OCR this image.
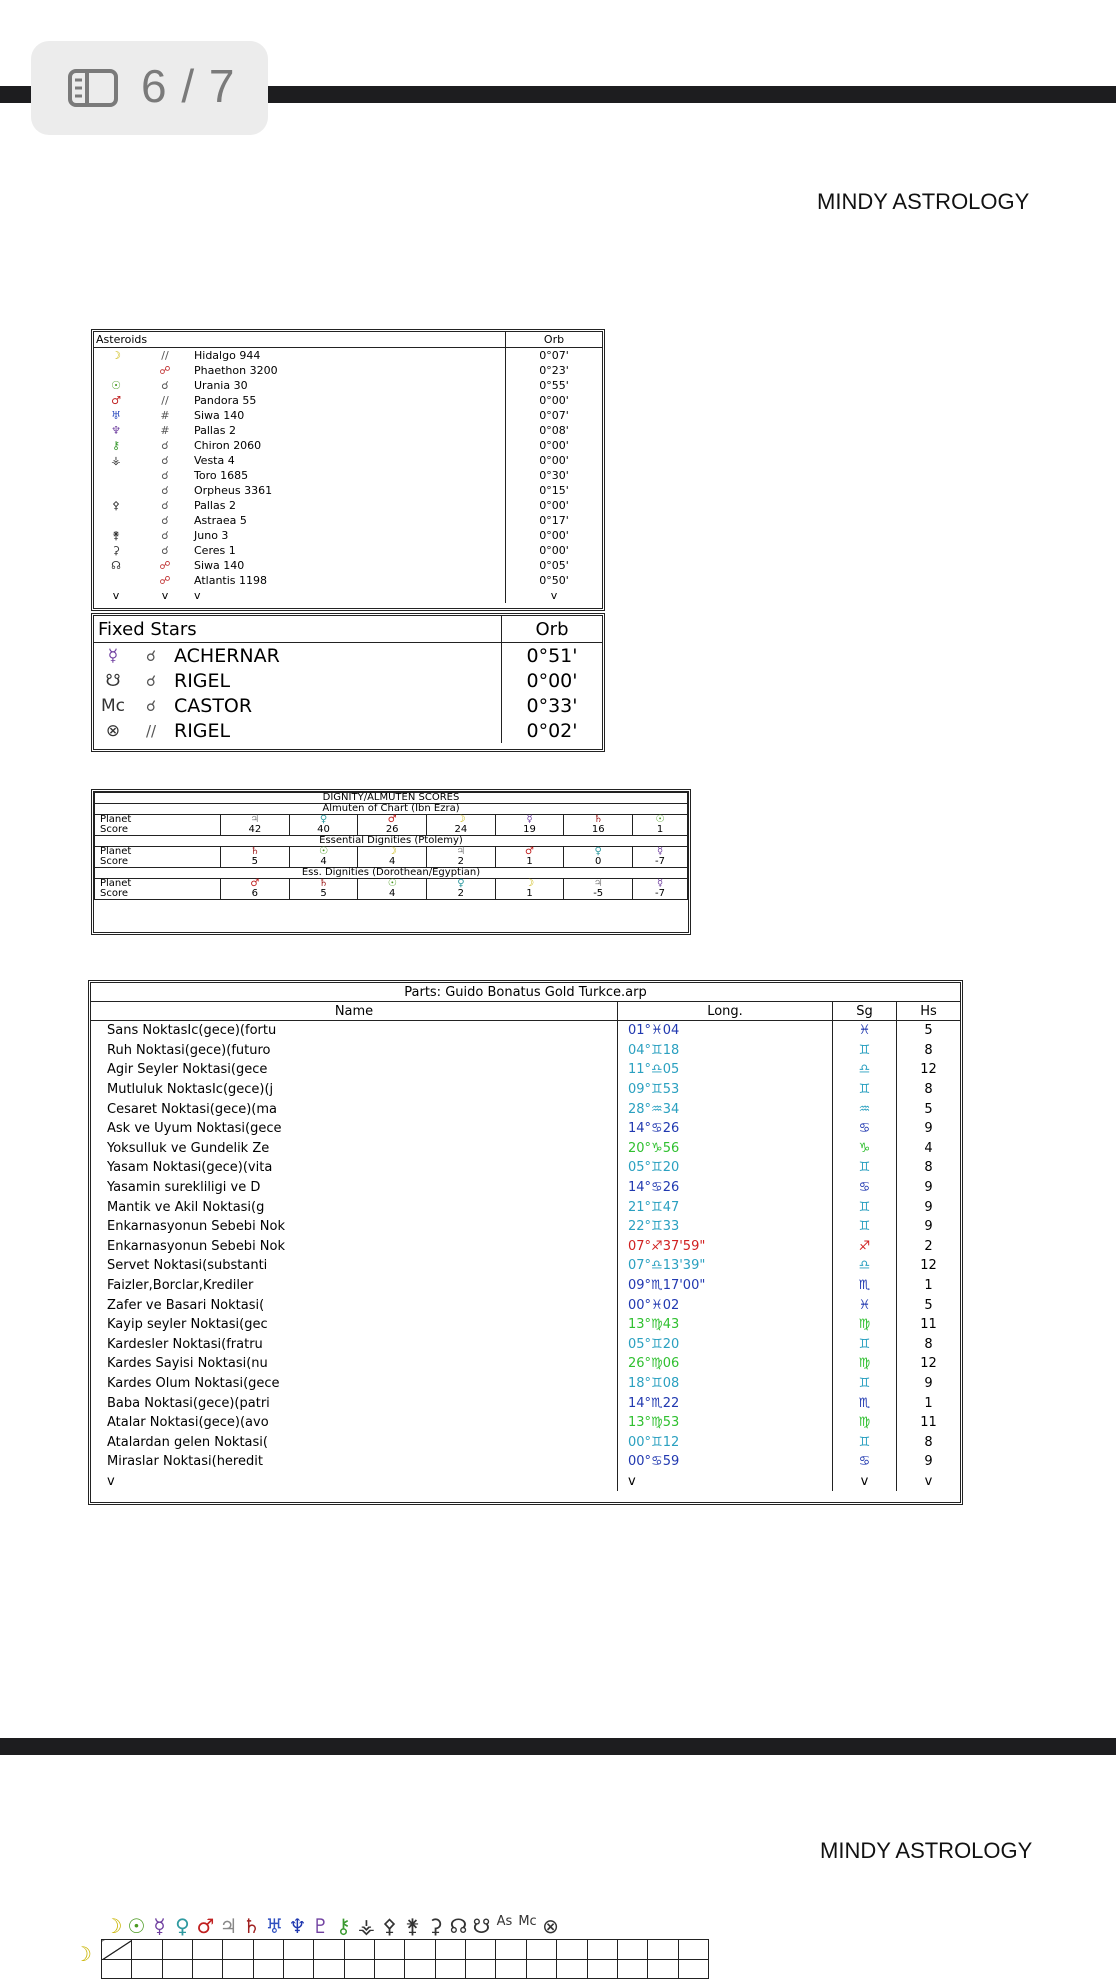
6 / 7
MINDY ASTROLOGY
Asteroids			Orb
☽	//	Hidalgo 944	0°07'
	☍	Phaethon 3200	0°23'
☉	☌	Urania 30	0°55'
♂	//	Pandora 55	0°00'
♅	#	Siwa 140	0°07'
♆	#	Pallas 2	0°08'
⚷	☌	Chiron 2060	0°00'
⚶	☌	Vesta 4	0°00'
	☌	Toro 1685	0°30'
	☌	Orpheus 3361	0°15'
⚴	☌	Pallas 2	0°00'
	☌	Astraea 5	0°17'
⚵	☌	Juno 3	0°00'
⚳	☌	Ceres 1	0°00'
☊	☍	Siwa 140	0°05'
	☍	Atlantis 1198	0°50'
v	v	v	v
Fixed Stars			Orb
☿	☌	ACHERNAR	0°51'
☋	☌	RIGEL	0°00'
Mc	☌	CASTOR	0°33'
⊗	//	RIGEL	0°02'
DIGNITY/ALMUTEN SCORES							
Almuten of Chart (Ibn Ezra)							
Planet	♃	♀	♂	☽	☿	♄	☉
Score	42	40	26	24	19	16	1
Essential Dignities (Ptolemy)							
Planet	♄	☉	☽	♃	♂	♀	☿
Score	5	4	4	2	1	0	-7
Ess. Dignities (Dorothean/Egyptian)							
Planet	♂	♄	☉	♀	☽	♃	☿
Score	6	5	4	2	1	-5	-7
Parts: Guido Bonatus Gold Turkce.arp			
Name	Long.	Sg	Hs
Sans NoktasIc(gece)(fortu	01°♓04	♓	5
Ruh Noktasi(gece)(futuro	04°♊18	♊	8
Agir Seyler Noktasi(gece	11°♎05	♎	12
Mutluluk NoktasIc(gece)(j	09°♊53	♊	8
Cesaret Noktasi(gece)(ma	28°♒34	♒	5
Ask ve Uyum Noktasi(gece	14°♋26	♋	9
Yoksulluk ve Gundelik Ze	20°♑56	♑	4
Yasam Noktasi(gece)(vita	05°♊20	♊	8
Yasamin surekliligi ve D	14°♋26	♋	9
Mantik ve Akil Noktasi(g	21°♊47	♊	9
Enkarnasyonun Sebebi Nok	22°♊33	♊	9
Enkarnasyonun Sebebi Nok	07°♐37'59"	♐	2
Servet Noktasi(substanti	07°♎13'39"	♎	12
Faizler,Borclar,Krediler	09°♏17'00"	♏	1
Zafer ve Basari Noktasi(	00°♓02	♓	5
Kayip seyler Noktasi(gec	13°♍43	♍	11
Kardesler Noktasi(fratru	05°♊20	♊	8
Kardes Sayisi Noktasi(nu	26°♍06	♍	12
Kardes Olum Noktasi(gece	18°♊08	♊	9
Baba Noktasi(gece)(patri	14°♏22	♏	1
Atalar Noktasi(gece)(avo	13°♍53	♍	11
Atalardan gelen Noktasi(	00°♊12	♊	8
Miraslar Noktasi(heredit	00°♋59	♋	9
v	v	v	v
MINDY ASTROLOGY
☽ ☉ ☿ ♀ ♂ ♃ ♄ ♅ ♆ ♇ ⚷ ⚶ ⚴ ⚵ ⚳ ☊ ☋ As Mc ⊗
☽
